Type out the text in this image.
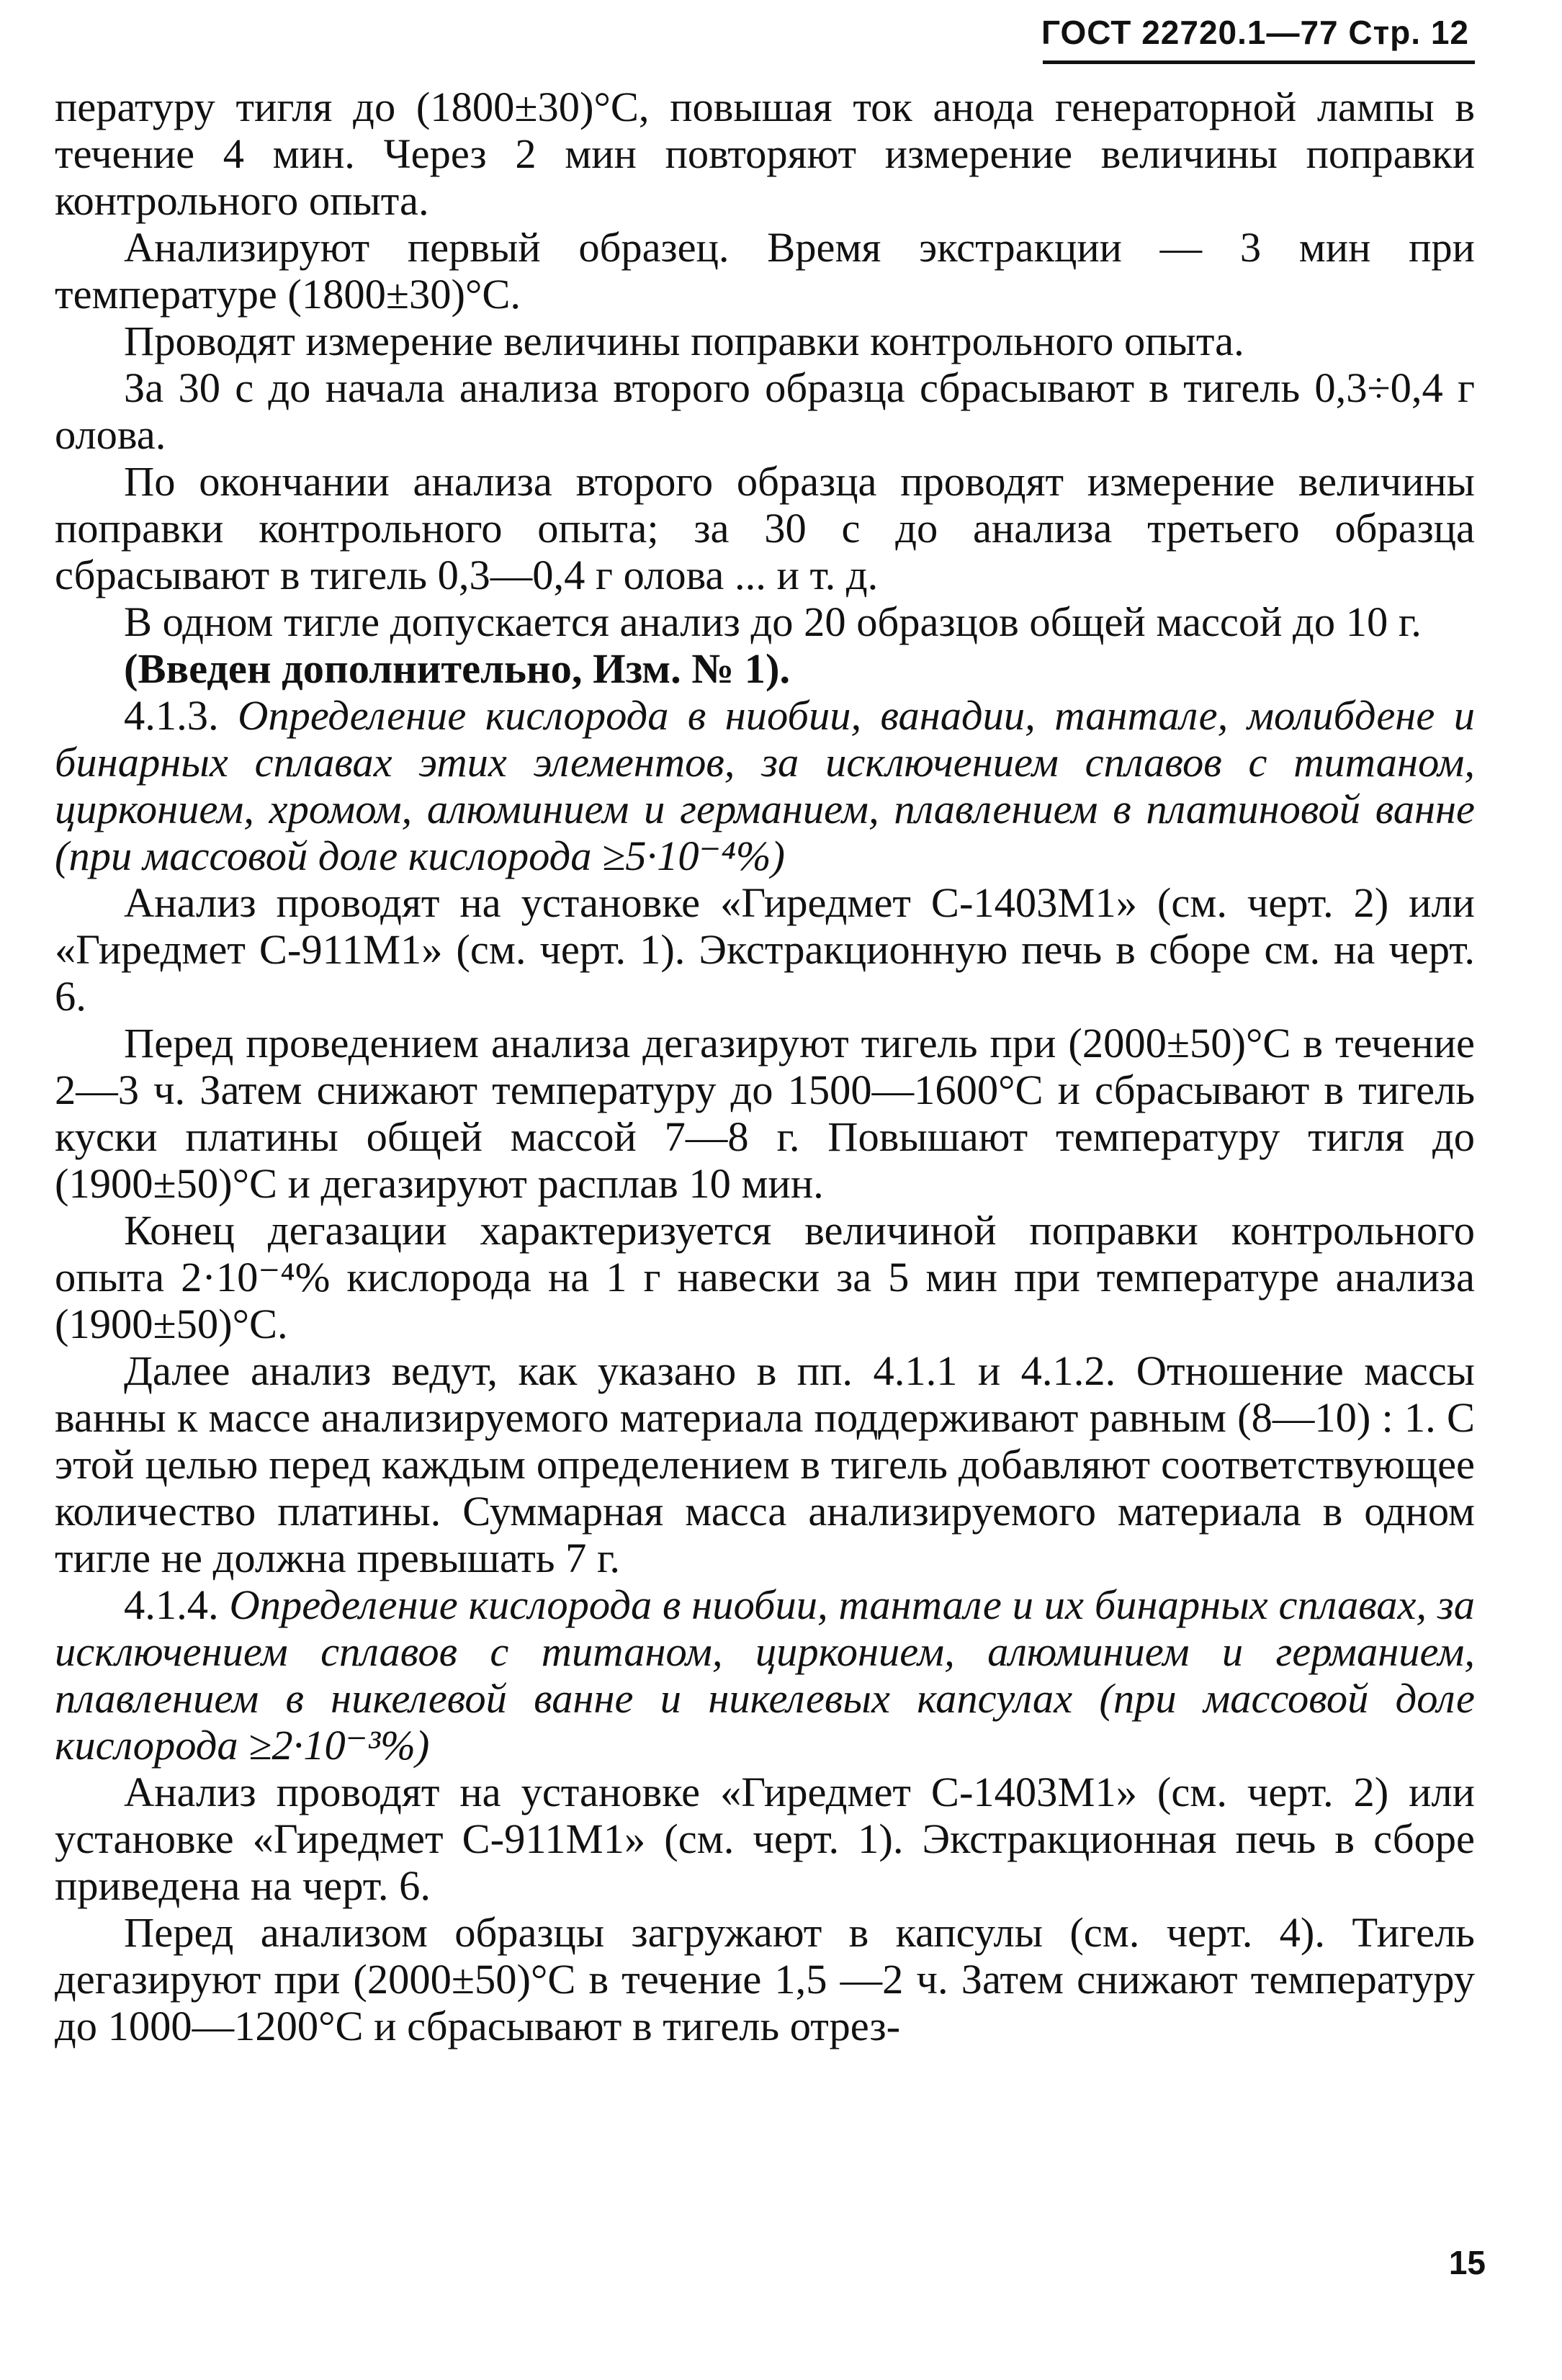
ГОСТ 22720.1—77 Стр. 12

пературу тигля до (1800±30)°С, повышая ток анода генераторной лампы в течение 4 мин. Через 2 мин повторяют измерение величины поправки контрольного опыта.

Анализируют первый образец. Время экстракции — 3 мин при температуре (1800±30)°С.

Проводят измерение величины поправки контрольного опыта.

За 30 с до начала анализа второго образца сбрасывают в тигель 0,3÷0,4 г олова.

По окончании анализа второго образца проводят измерение величины поправки контрольного опыта; за 30 с до анализа третьего образца сбрасывают в тигель 0,3—0,4 г олова ... и т. д.

В одном тигле допускается анализ до 20 образцов общей массой до 10 г.

(Введен дополнительно, Изм. № 1).

4.1.3. Определение кислорода в ниобии, ванадии, тантале, молибдене и бинарных сплавах этих элементов, за исключением сплавов с титаном, цирконием, хромом, алюминием и германием, плавлением в платиновой ванне (при массовой доле кислорода ≥5·10⁻⁴%)

Анализ проводят на установке «Гиредмет С-1403М1» (см. черт. 2) или «Гиредмет С-911М1» (см. черт. 1). Экстракционную печь в сборе см. на черт. 6.

Перед проведением анализа дегазируют тигель при (2000±50)°С в течение 2—3 ч. Затем снижают температуру до 1500—1600°С и сбрасывают в тигель куски платины общей массой 7—8 г. Повышают температуру тигля до (1900±50)°С и дегазируют расплав 10 мин.

Конец дегазации характеризуется величиной поправки контрольного опыта 2·10⁻⁴% кислорода на 1 г навески за 5 мин при температуре анализа (1900±50)°С.

Далее анализ ведут, как указано в пп. 4.1.1 и 4.1.2. Отношение массы ванны к массе анализируемого материала поддерживают равным (8—10) : 1. С этой целью перед каждым определением в тигель добавляют соответствующее количество платины. Суммарная масса анализируемого материала в одном тигле не должна превышать 7 г.

4.1.4. Определение кислорода в ниобии, тантале и их бинарных сплавах, за исключением сплавов с титаном, цирконием, алюминием и германием, плавлением в никелевой ванне и никелевых капсулах (при массовой доле кислорода ≥2·10⁻³%)

Анализ проводят на установке «Гиредмет С-1403М1» (см. черт. 2) или установке «Гиредмет С-911М1» (см. черт. 1). Экстракционная печь в сборе приведена на черт. 6.

Перед анализом образцы загружают в капсулы (см. черт. 4). Тигель дегазируют при (2000±50)°С в течение 1,5 —2 ч. Затем снижают температуру до 1000—1200°С и сбрасывают в тигель отрез-

15
